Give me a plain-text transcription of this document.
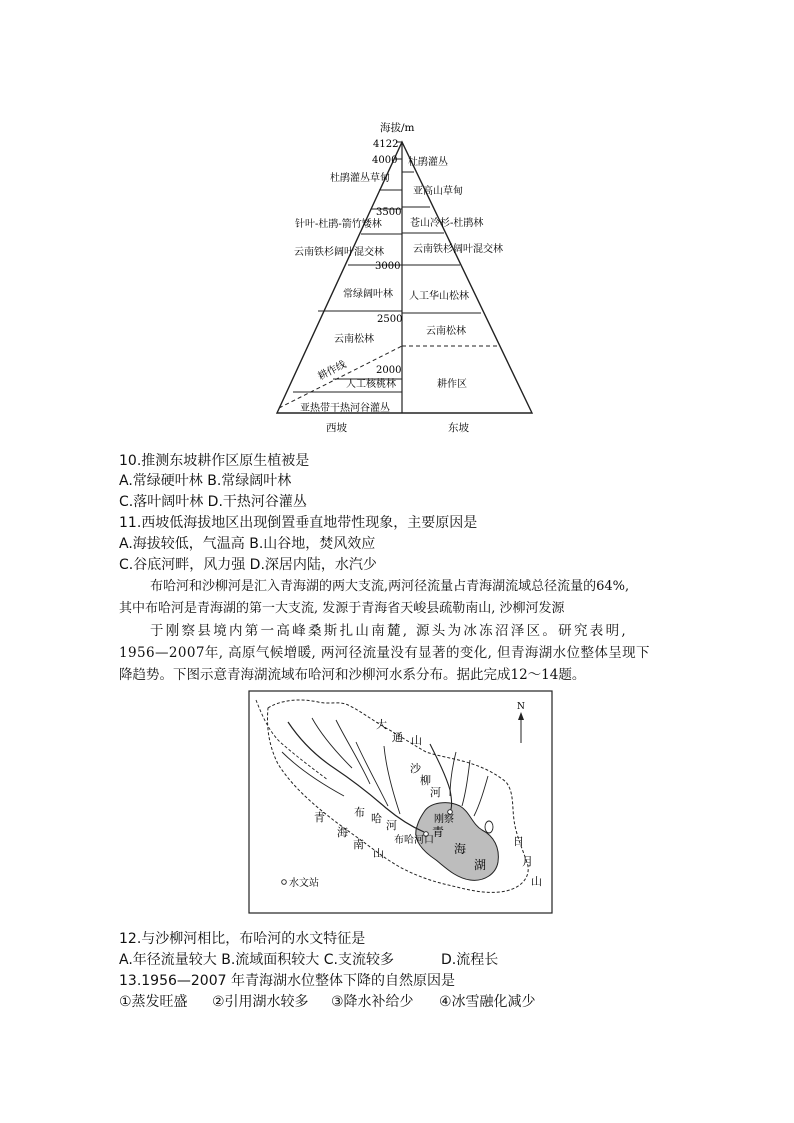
海拔/m
4122
4000
3500
3000
2500
2000
杜鹃灌丛草甸
针叶-杜鹃-箭竹矮林
云南铁杉阔叶混交林
常绿阔叶林
云南松林
人工核桃林
亚热带干热河谷灌丛
杜鹃灌丛
亚高山草甸
苍山冷杉-杜鹃林
云南铁杉阔叶混交林
人工华山松林
云南松林
耕作区
耕作线
西坡	东坡
10.推测东坡耕作区原生植被是
A.常绿硬叶林 B.常绿阔叶林
C.落叶阔叶林 D.干热河谷灌丛
11.西坡低海拔地区出现倒置垂直地带性现象，主要原因是
A.海拔较低，气温高 B.山谷地，焚风效应
C.谷底河畔，风力强 D.深居内陆，水汽少
布哈河和沙柳河是汇入青海湖的两大支流,两河径流量占青海湖流域总径流量的64%,
其中布哈河是青海湖的第一大支流, 发源于青海省天峻县疏勒南山, 沙柳河发源
于刚察县境内第一高峰桑斯扎山南麓, 源头为冰冻沼泽区。研究表明,
1956—2007年, 高原气候增暖, 两河径流量没有显著的变化, 但青海湖水位整体呈现下
降趋势。下图示意青海湖流域布哈河和沙柳河水系分布。据此完成12～14题。
N
大
通 山
沙
柳
河
布 哈
河
青
海
南
山
日
月
山
刚察
布哈河口
水文站
青
海
湖
12.与沙柳河相比，布哈河的水文特征是
A.年径流量较大 B.流域面积较大 C.支流较多	D.流程长
13.1956—2007 年青海湖水位整体下降的自然原因是
①蒸发旺盛 ②引用湖水较多 ③降水补给少 ④冰雪融化减少
